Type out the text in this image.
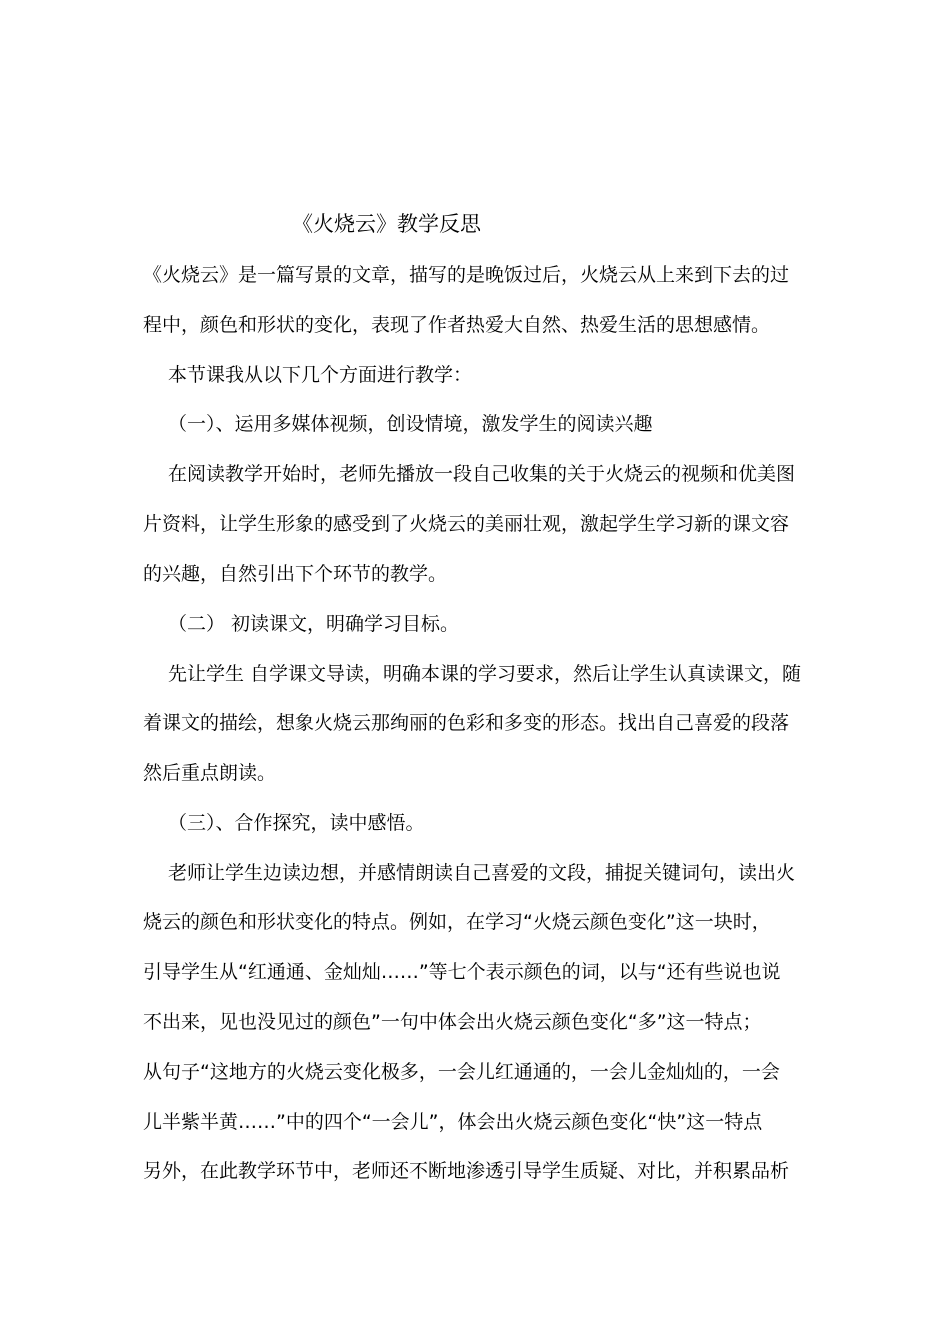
《火烧云》教学反思
《火烧云》是一篇写景的文章，描写的是晚饭过后，火烧云从上来到下去的过
程中，颜色和形状的变化，表现了作者热爱大自然、热爱生活的思想感情。
本节课我从以下几个方面进行教学：
（一）、运用多媒体视频，创设情境，激发学生的阅读兴趣
在阅读教学开始时，老师先播放一段自己收集的关于火烧云的视频和优美图
片资料，让学生形象的感受到了火烧云的美丽壮观，激起学生学习新的课文容
的兴趣，自然引出下个环节的教学。
（二） 初读课文，明确学习目标。
先让学生 自学课文导读，明确本课的学习要求，然后让学生认真读课文，随
着课文的描绘，想象火烧云那绚丽的色彩和多变的形态。找出自己喜爱的段落
然后重点朗读。
（三）、合作探究，读中感悟。
老师让学生边读边想，并感情朗读自己喜爱的文段，捕捉关键词句，读出火
烧云的颜色和形状变化的特点。例如，在学习“火烧云颜色变化”这一块时，
引导学生从“红通通、金灿灿……”等七个表示颜色的词，以与“还有些说也说
不出来，见也没见过的颜色”一句中体会出火烧云颜色变化“多”这一特点；
从句子“这地方的火烧云变化极多，一会儿红通通的，一会儿金灿灿的，一会
儿半紫半黄……”中的四个“一会儿”，体会出火烧云颜色变化“快”这一特点
另外，在此教学环节中，老师还不断地渗透引导学生质疑、对比，并积累品析
